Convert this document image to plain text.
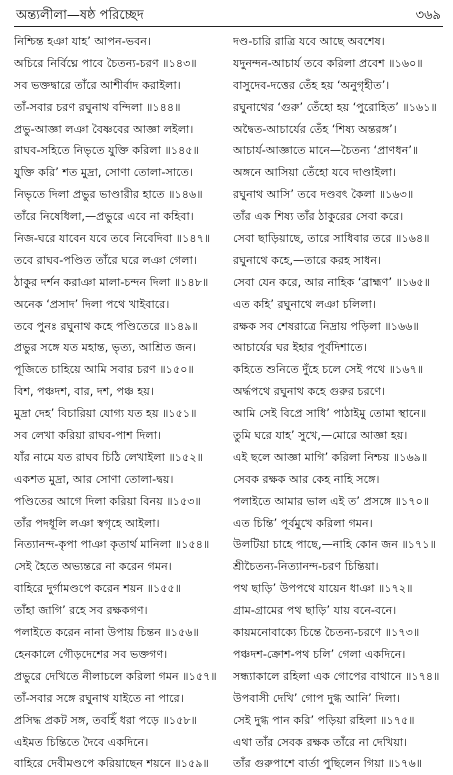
অন্ত্যলীলা—ষষ্ঠ পরিচ্ছেদ	৩৬৯
নিশ্চিন্ত হঞা যাহ’ আপন-ভবন।
অচিরে নির্বিঘ্নে পাবে চৈতন্য-চরণ ॥১৪৩॥
সব ভক্তদ্বারে তাঁরে আশীর্বাদ করাইলা।
তাঁ-সবার চরণ রঘুনাথ বন্দিলা ॥১৪৪॥
প্রভু-আজ্ঞা লঞা বৈষ্ণবের আজ্ঞা লইলা।
রাঘব-সহিতে নিভৃতে যুক্তি করিলা ॥১৪৫॥
যুক্তি করি’ শত মুদ্রা, সোণা তোলা-সাতে।
নিভৃতে দিলা প্রভুর ভাণ্ডারীর হাতে ॥১৪৬॥
তাঁরে নিষেধিলা,—প্রভুরে এবে না কহিবা।
নিজ-ঘরে যাবেন যবে তবে নিবেদিবা ॥১৪৭॥
তবে রাঘব-পণ্ডিত তাঁরে ঘরে লঞা গেলা।
ঠাকুর দর্শন করাঞা মালা-চন্দন দিলা ॥১৪৮॥
অনেক ‘প্রসাদ’ দিলা পথে খাইবারে।
তবে পুনঃ রঘুনাথ কহে পণ্ডিতেরে ॥১৪৯॥
প্রভুর সঙ্গে যত মহান্ত, ভৃত্য, আশ্রিত জন।
পূজিতে চাহিয়ে আমি সবার চরণ ॥১৫০॥
বিশ, পঞ্চদশ, বার, দশ, পঞ্চ হয়।
মুদ্রা দেহ’ বিচারিয়া যোগ্য যত হয় ॥১৫১॥
সব লেখা করিয়া রাঘব-পাশ দিলা।
যাঁর নামে যত রাঘব চিঠি লেখাইলা ॥১৫২॥
একশত মুদ্রা, আর সোণা তোলা-দ্বয়।
পণ্ডিতের আগে দিলা করিয়া বিনয় ॥১৫৩॥
তাঁর পদধূলি লঞা স্বগৃহে আইলা।
নিত্যানন্দ-কৃপা পাঞা কৃতার্থ মানিলা ॥১৫৪॥
সেই হৈতে অভ্যন্তরে না করেন গমন।
বাহিরে দুর্গামণ্ডপে করেন শয়ন ॥১৫৫॥
তাঁহা জাগি’ রহে সব রক্ষকগণ।
পলাইতে করেন নানা উপায় চিন্তন ॥১৫৬॥
হেনকালে গৌড়দেশের সব ভক্তগণ।
প্রভুরে দেখিতে নীলাচলে করিলা গমন ॥১৫৭॥
তাঁ-সবার সঙ্গে রঘুনাথ যাইতে না পারে।
প্রসিদ্ধ প্রকট সঙ্গ, তবহিঁ ধরা পড়ে ॥১৫৮॥
এইমত চিন্তিতে দৈবে একদিনে।
বাহিরে দেবীমণ্ডপে করিয়াছেন শয়নে ॥১৫৯॥
দণ্ড-চারি রাত্রি যবে আছে অবশেষ।
যদুনন্দন-আচার্য তবে করিলা প্রবেশ ॥১৬০॥
বাসুদেব-দত্তের তেঁহ হয় ‘অনুগৃহীত’।
রঘুনাথের ‘গুরু’ তেঁহো হয় ‘পুরোহিত’ ॥১৬১॥
অদ্বৈত-আচার্যের তেঁহ ‘শিষ্য অন্তরঙ্গ’।
আচার্য-আজ্ঞাতে মানে—চৈতন্য ‘প্রাণধন’॥
অঙ্গনে আসিয়া তেঁহো যবে দাণ্ডাইলা।
রঘুনাথ আসি’ তবে দণ্ডবৎ কৈলা ॥১৬৩॥
তাঁর এক শিষ্য তাঁর ঠাকুরের সেবা করে।
সেবা ছাড়িয়াছে, তারে সাধিবার তরে ॥১৬৪॥
রঘুনাথে কহে,—তারে করহ সাধন।
সেবা যেন করে, আর নাহিক ‘ব্রাহ্মণ’ ॥১৬৫॥
এত কহি’ রঘুনাথে লঞা চলিলা।
রক্ষক সব শেষরাত্রে নিদ্রায় পড়িলা ॥১৬৬॥
আচার্যের ঘর ইহার পূর্বদিশাতে।
কহিতে শুনিতে দুঁহে চলে সেই পথে ॥১৬৭॥
অর্দ্ধপথে রঘুনাথ কহে গুরুর চরণে।
আমি সেই বিপ্রে সাধি’ পাঠাইমু তোমা স্থানে॥
তুমি ঘরে যাহ’ সুখে,—মোরে আজ্ঞা হয়।
এই ছলে আজ্ঞা মাগি’ করিলা নিশ্চয় ॥১৬৯॥
সেবক রক্ষক আর কেহ নাহি সঙ্গে।
পলাইতে আমার ভাল এই ত’ প্রসঙ্গে ॥১৭০॥
এত চিন্তি’ পূর্বমুখে করিলা গমন।
উলটিয়া চাহে পাছে,—নাহি কোন জন ॥১৭১॥
শ্রীচৈতন্য-নিত্যানন্দ-চরণ চিন্তিয়া।
পথ ছাড়ি’ উপপথে যায়েন ধাঞা ॥১৭২॥
গ্রাম-গ্রামের পথ ছাড়ি’ যায় বনে-বনে।
কায়মনোবাক্যে চিন্তে চৈতন্য-চরণে ॥১৭৩॥
পঞ্চদশ-ক্রোশ-পথ চলি’ গেলা একদিনে।
সন্ধ্যাকালে রহিলা এক গোপের বাথানে ॥১৭৪॥
উপবাসী দেখি’ গোপ দুগ্ধ আনি’ দিলা।
সেই দুগ্ধ পান করি’ পড়িয়া রহিলা ॥১৭৫॥
এথা তাঁর সেবক রক্ষক তাঁরে না দেখিয়া।
তাঁর গুরুপাশে বার্তা পুছিলেন গিয়া ॥১৭৬॥
